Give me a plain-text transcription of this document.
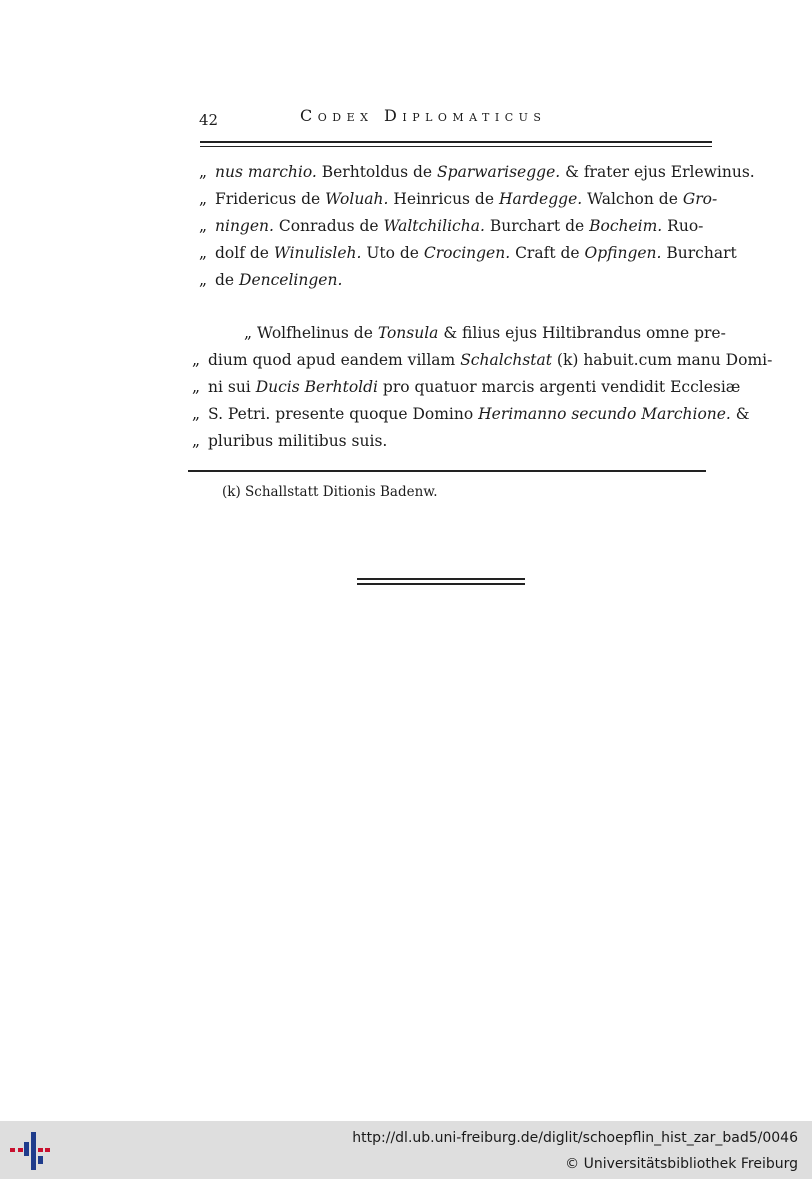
42	Codex Diplomaticus
„ nus marchio. Berhtoldus de Sparwarisegge. & frater ejus Erlewinus.
„ Fridericus de Woluah. Heinricus de Hardegge. Walchon de Gro-
„ ningen. Conradus de Waltchilicha. Burchart de Bocheim. Ruo-
„ dolf de Winulisleh. Uto de Crocingen. Craft de Opfingen. Burchart
„ de Dencelingen.
„ Wolfhelinus de Tonsula & filius ejus Hiltibrandus omne pre-
„ dium quod apud eandem villam Schalchstat (k) habuit.cum manu Domi-
„ ni sui Ducis Berhtoldi pro quatuor marcis argenti vendidit Ecclesiæ
„ S. Petri. presente quoque Domino Herimanno secundo Marchione. &
„ pluribus militibus suis.
(k) Schallstatt Ditionis Badenw.
http://dl.ub.uni-freiburg.de/diglit/schoepflin_hist_zar_bad5/0046
© Universitätsbibliothek Freiburg
